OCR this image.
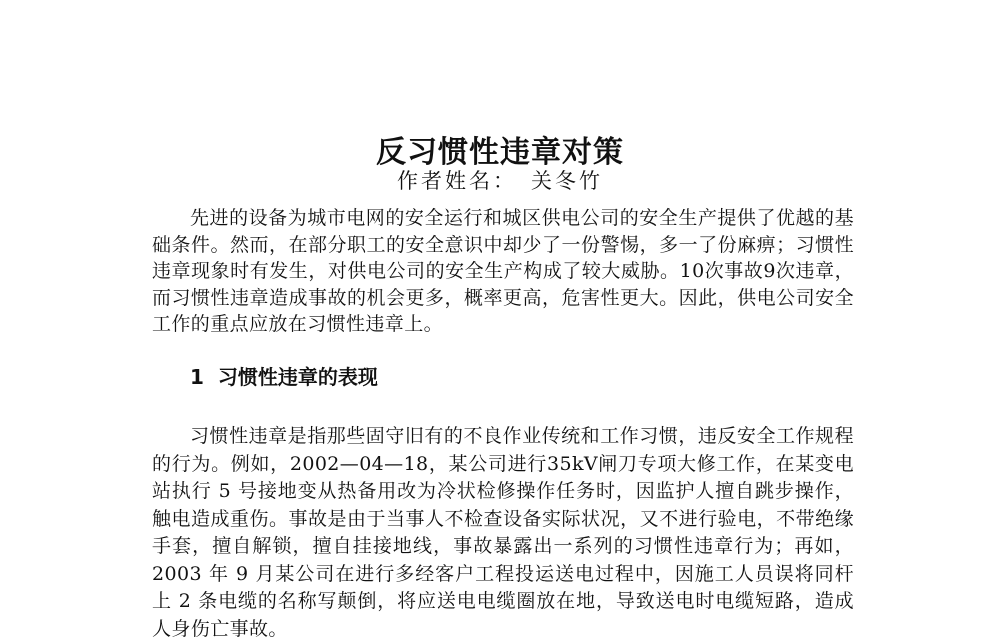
反习惯性违章对策
作者姓名： 关冬竹

先进的设备为城市电网的安全运行和城区供电公司的安全生产提供了优越的基础条件。然而，在部分职工的安全意识中却少了一份警惕，多一了份麻痹；习惯性违章现象时有发生，对供电公司的安全生产构成了较大威胁。10次事故9次违章，而习惯性违章造成事故的机会更多，概率更高，危害性更大。因此，供电公司安全工作的重点应放在习惯性违章上。

1 习惯性违章的表现

习惯性违章是指那些固守旧有的不良作业传统和工作习惯，违反安全工作规程的行为。例如，2002—04—18，某公司进行35kV闸刀专项大修工作，在某变电站执行 5 号接地变从热备用改为冷状检修操作任务时，因监护人擅自跳步操作，触电造成重伤。事故是由于当事人不检查设备实际状况，又不进行验电，不带绝缘手套，擅自解锁，擅自挂接地线，事故暴露出一系列的习惯性违章行为；再如，2003 年 9 月某公司在进行多经客户工程投运送电过程中，因施工人员误将同杆上 2 条电缆的名称写颠倒，将应送电电缆圈放在地，导致送电时电缆短路，造成人身伤亡事故。
